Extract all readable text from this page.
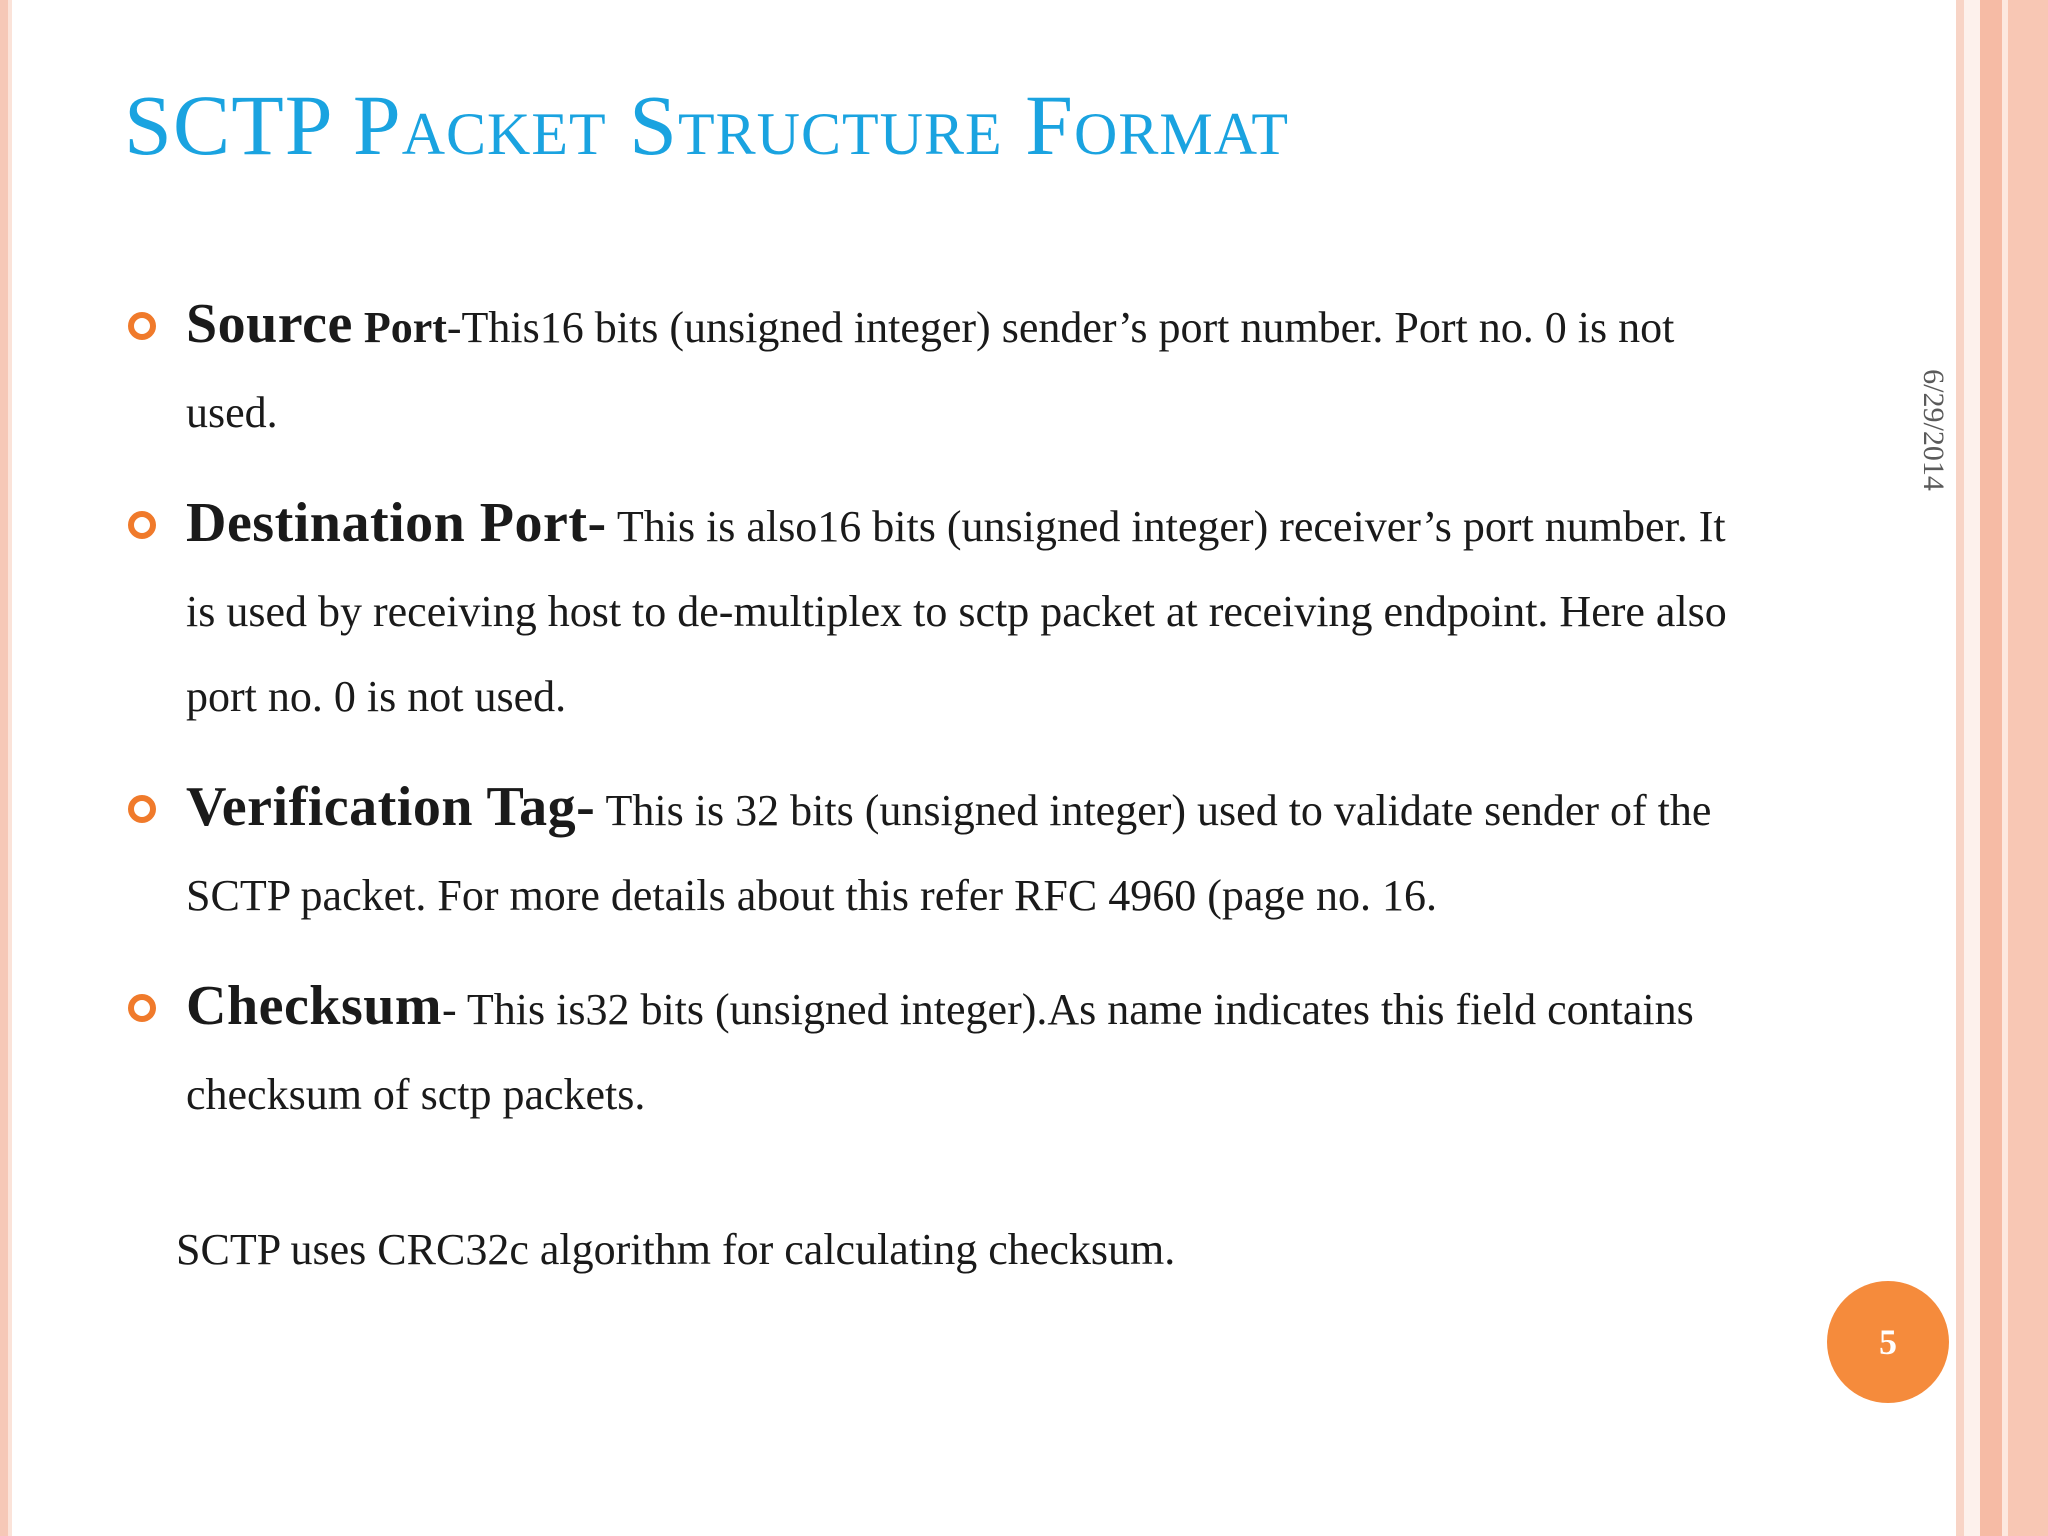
SCTP Packet Structure Format
6/29/2014
Source Port-This16 bits (unsigned integer) sender’s port number. Port no. 0 is not used.
Destination Port- This is also16 bits (unsigned integer) receiver’s port number. It is used by receiving host to de-multiplex to sctp packet at receiving endpoint. Here also port no. 0 is not used.
Verification Tag- This is 32 bits (unsigned integer) used to validate sender of the SCTP packet. For more details about this refer RFC 4960 (page no. 16.
Checksum- This is32 bits (unsigned integer).As name indicates this field contains checksum of sctp packets.

SCTP uses CRC32c algorithm for calculating checksum.

5
